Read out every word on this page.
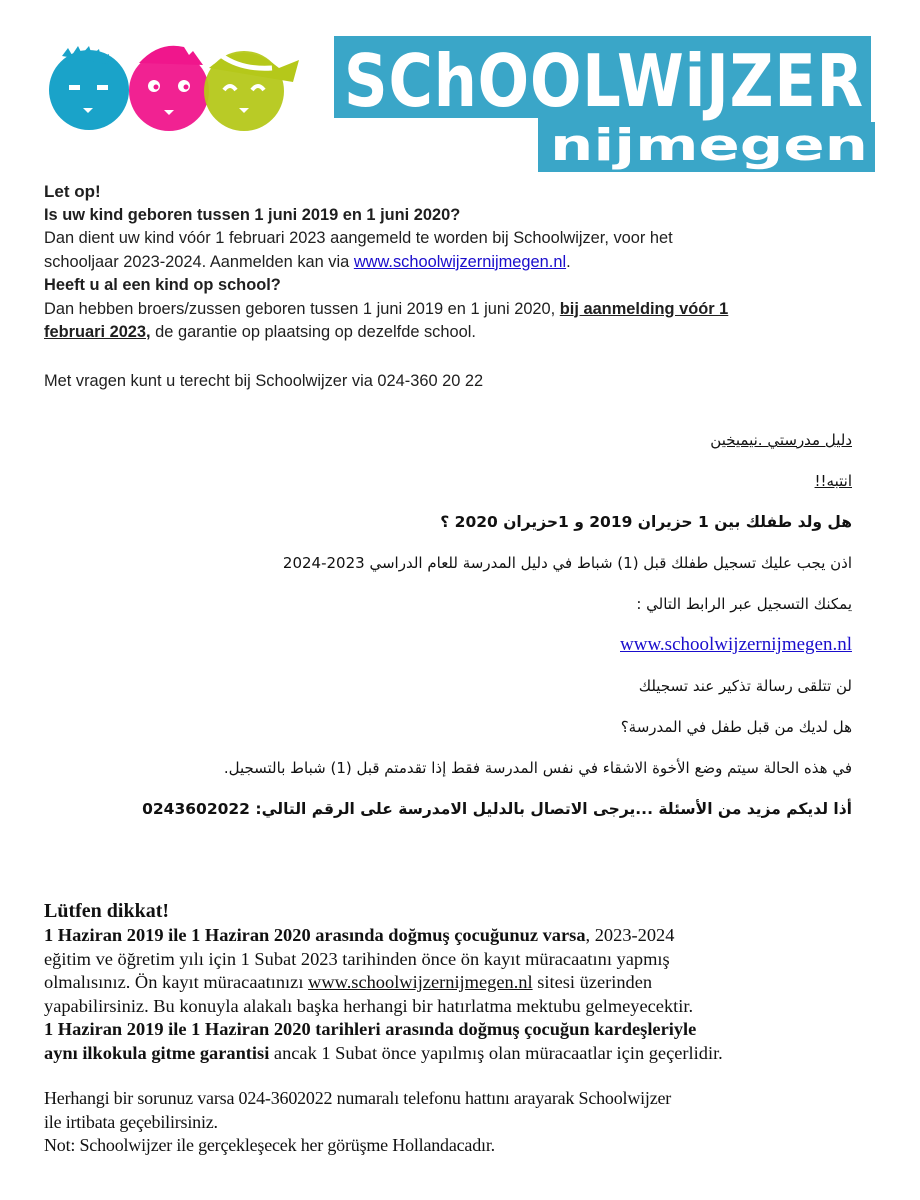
SChOOLWiJZER
nijmegen

Let op!

Is uw kind geboren tussen 1 juni 2019 en 1 juni 2020?

Dan dient uw kind vóór 1 februari 2023 aangemeld te worden bij Schoolwijzer, voor het

schooljaar 2023-2024. Aanmelden kan via www.schoolwijzernijmegen.nl.

Heeft u al een kind op school?

Dan hebben broers/zussen geboren tussen 1 juni 2019 en 1 juni 2020, bij aanmelding vóór 1
februari 2023, de garantie op plaatsing op dezelfde school.

Met vragen kunt u terecht bij Schoolwijzer via 024-360 20 22

دليل مدرستي .نيميخين

انتبه!!

هل ولد طفلك بين 1 حزيران 2019 و 1حزيران 2020 ؟

اذن يجب عليك تسجيل طفلك قبل (1) شباط في دليل المدرسة للعام الدراسي 2023-2024

يمكنك التسجيل عبر الرابط التالي :

www.schoolwijzernijmegen.nl

لن تتلقى رسالة تذكير عند تسجيلك

هل لديك من قبل طفل في المدرسة؟

في هذه الحالة سيتم وضع الأخوة الاشقاء في نفس المدرسة فقط إذا تقدمتم قبل (1) شباط بالتسجيل.

أذا لديكم مزيد من الأسئلة ...يرجى الاتصال بالدليل الامدرسة على الرقم التالي: 0243602022

Lütfen dikkat!

1 Haziran 2019 ile 1 Haziran 2020 arasında doğmuş çocuğunuz varsa, 2023-2024

eğitim ve öğretim yılı için 1 Subat 2023 tarihinden önce ön kayıt müracaatını yapmış

olmalısınız. Ön kayıt müracaatınızı www.schoolwijzernijmegen.nl sitesi üzerinden

yapabilirsiniz. Bu konuyla alakalı başka herhangi bir hatırlatma mektubu gelmeyecektir.

1 Haziran 2019 ile 1 Haziran 2020 tarihleri arasında doğmuş çocuğun kardeşleriyle

aynı ilkokula gitme garantisi ancak 1 Subat önce yapılmış olan müracaatlar için geçerlidir.

Herhangi bir sorunuz varsa 024-3602022 numaralı telefonu hattını arayarak Schoolwijzer

ile irtibata geçebilirsiniz.

Not: Schoolwijzer ile gerçekleşecek her görüşme Hollandacadır.
